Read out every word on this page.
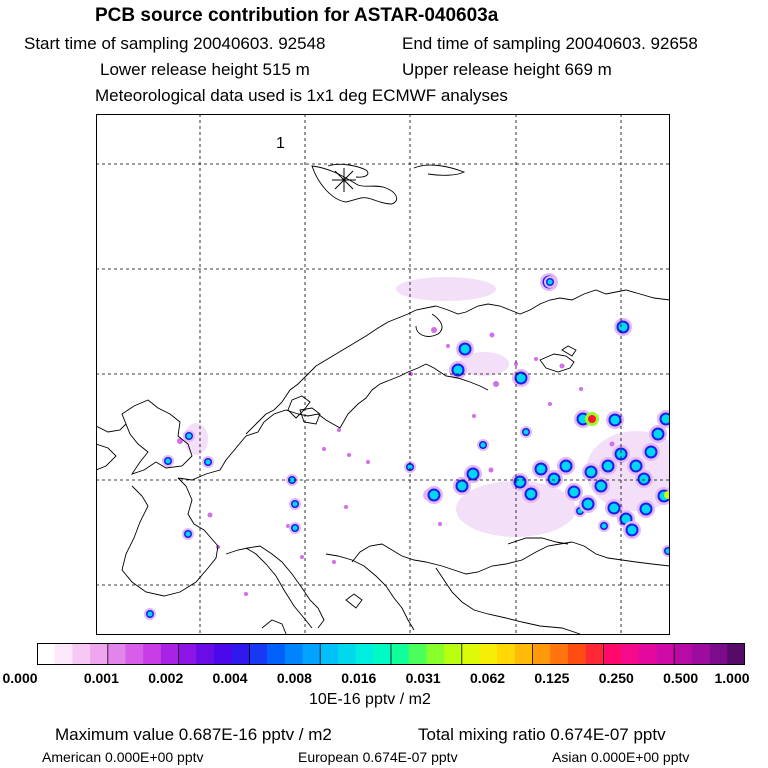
PCB source contribution for ASTAR-040603a
Start time of sampling 20040603. 92548	End time of sampling 20040603. 92658
Lower release height 515 m	Upper release height 669 m
Meteorological data used is 1x1 deg ECMWF analyses
1
0.000	0.001 0.002 0.004 0.008 0.016 0.031 0.062 0.125 0.250 0.500 1.000
10E-16 pptv / m2
Maximum value 0.687E-16 pptv / m2	Total mixing ratio 0.674E-07 pptv
American 0.000E+00 pptv	European 0.674E-07 pptv	Asian 0.000E+00 pptv
